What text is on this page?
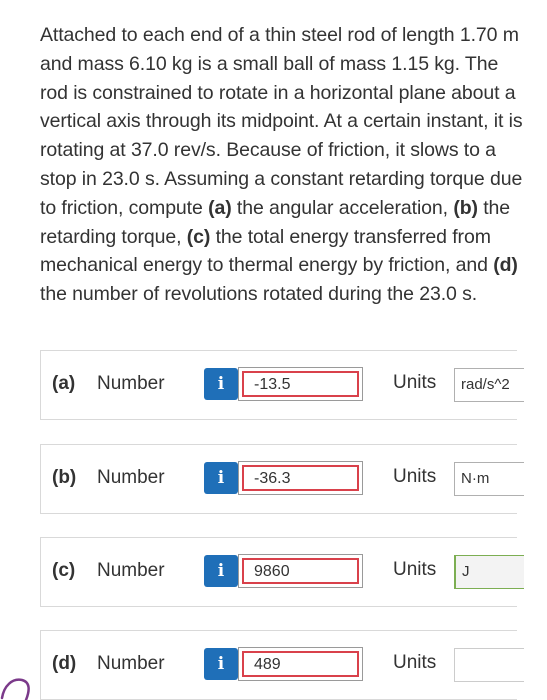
Attached to each end of a thin steel rod of length 1.70 m and mass 6.10 kg is a small ball of mass 1.15 kg. The rod is constrained to rotate in a horizontal plane about a vertical axis through its midpoint. At a certain instant, it is rotating at 37.0 rev/s. Because of friction, it slows to a stop in 23.0 s. Assuming a constant retarding torque due to friction, compute (a) the angular acceleration, (b) the retarding torque, (c) the total energy transferred from mechanical energy to thermal energy by friction, and (d) the number of revolutions rotated during the 23.0 s.
(a) Number	i	-13.5	Units	rad/s^2
(b) Number	i	-36.3	Units	N·m
(c) Number	i	9860	Units	J
(d) Number	i	489	Units
